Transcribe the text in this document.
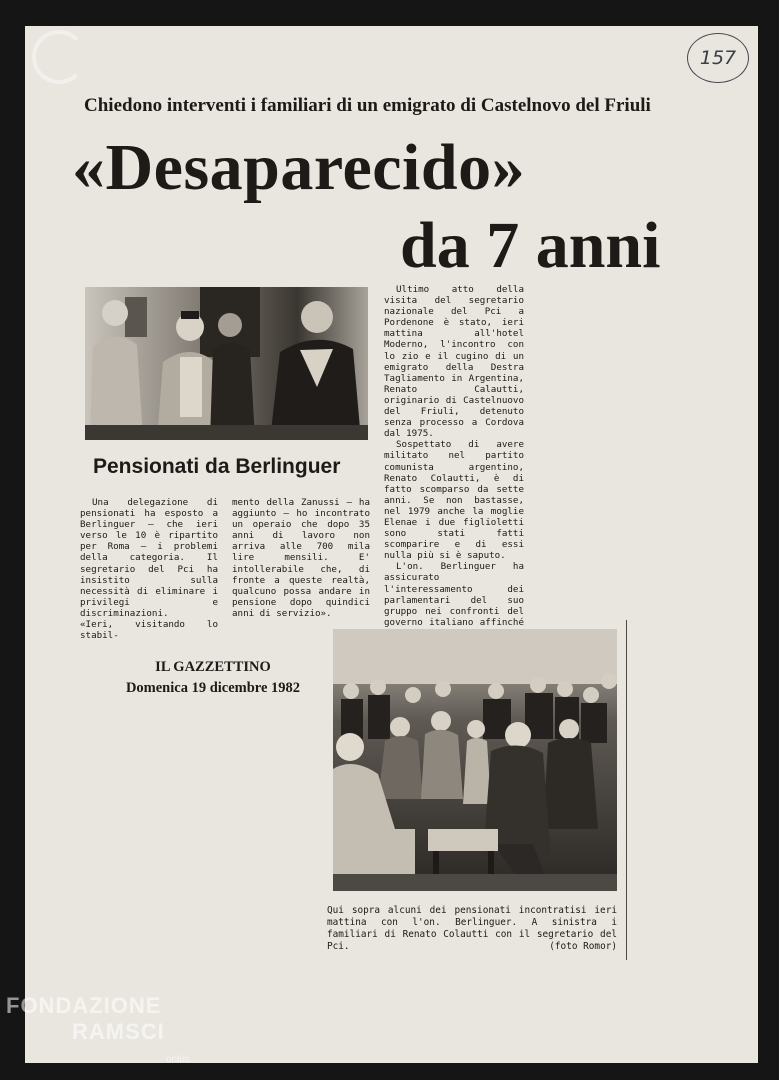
157
Chiedono interventi i familiari di un emigrato di Castelnovo del Friuli
«Desaparecido»
da 7 anni
Pensionati da Berlinguer

Una delegazione di pensionati ha esposto a Berlinguer — che ieri verso le 10 è ripartito per Roma — i problemi della categoria. Il segretario del Pci ha insistito sulla necessità di eliminare i privilegi e discriminazioni.

«Ieri, visitando lo stabil-

mento della Zanussi — ha aggiunto — ho incontrato un operaio che dopo 35 anni di lavoro non arriva alle 700 mila lire mensili. E' intollerabile che, di fronte a queste realtà, qualcuno possa andare in pensione dopo quindici anni di servizio».

Ultimo atto della visita del segretario nazionale del Pci a Pordenone è stato, ieri mattina all'hotel Moderno, l'incontro con lo zio e il cugino di un emigrato della Destra Tagliamento in Argentina, Renato Calautti, originario di Castelnuovo del Friuli, detenuto senza processo a Cordova dal 1975.

Sospettato di avere militato nel partito comunista argentino, Renato Colautti, è di fatto scomparso da sette anni. Se non bastasse, nel 1979 anche la moglie Elenae i due figlioletti sono stati fatti scomparire e di essi nulla più si è saputo.

L'on. Berlinguer ha assicurato l'interessamento dei parlamentari del suo gruppo nei confronti del governo italiano affinché

IL GAZZETTINO
Domenica 19 dicembre 1982
Qui sopra alcuni dei pensionati incontratisi ieri mattina con l'on. Berlinguer. A sinistra i familiari di Renato Colautti con il segretario del Pci.	(foto Romor)
FONDAZIONE
RAMSCI
onlus
